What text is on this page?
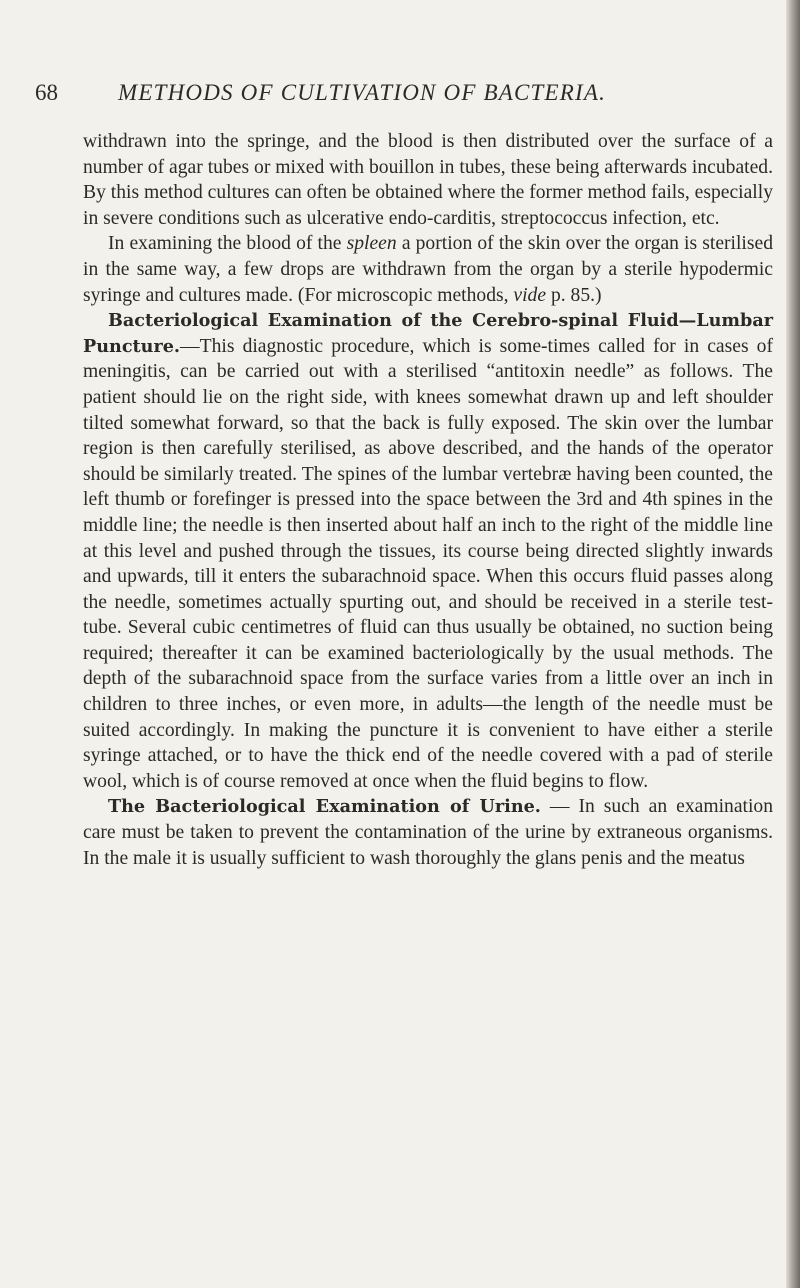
68	METHODS OF CULTIVATION OF BACTERIA.

withdrawn into the springe, and the blood is then distributed over the surface of a number of agar tubes or mixed with bouillon in tubes, these being afterwards incubated. By this method cultures can often be obtained where the former method fails, especially in severe conditions such as ulcerative endo-carditis, streptococcus infection, etc.

In examining the blood of the spleen a portion of the skin over the organ is sterilised in the same way, a few drops are withdrawn from the organ by a sterile hypodermic syringe and cultures made. (For microscopic methods, vide p. 85.)

Bacteriological Examination of the Cerebro-spinal Fluid—Lumbar Puncture.—This diagnostic procedure, which is some-times called for in cases of meningitis, can be carried out with a sterilised “antitoxin needle” as follows. The patient should lie on the right side, with knees somewhat drawn up and left shoulder tilted somewhat forward, so that the back is fully exposed. The skin over the lumbar region is then carefully sterilised, as above described, and the hands of the operator should be similarly treated. The spines of the lumbar vertebræ having been counted, the left thumb or forefinger is pressed into the space between the 3rd and 4th spines in the middle line; the needle is then inserted about half an inch to the right of the middle line at this level and pushed through the tissues, its course being directed slightly inwards and upwards, till it enters the subarachnoid space. When this occurs fluid passes along the needle, sometimes actually spurting out, and should be received in a sterile test-tube. Several cubic centimetres of fluid can thus usually be obtained, no suction being required; thereafter it can be examined bacteriologically by the usual methods. The depth of the subarachnoid space from the surface varies from a little over an inch in children to three inches, or even more, in adults—the length of the needle must be suited accordingly. In making the puncture it is convenient to have either a sterile syringe attached, or to have the thick end of the needle covered with a pad of sterile wool, which is of course removed at once when the fluid begins to flow.

The Bacteriological Examination of Urine. — In such an examination care must be taken to prevent the contamination of the urine by extraneous organisms. In the male it is usually sufficient to wash thoroughly the glans penis and the meatus
